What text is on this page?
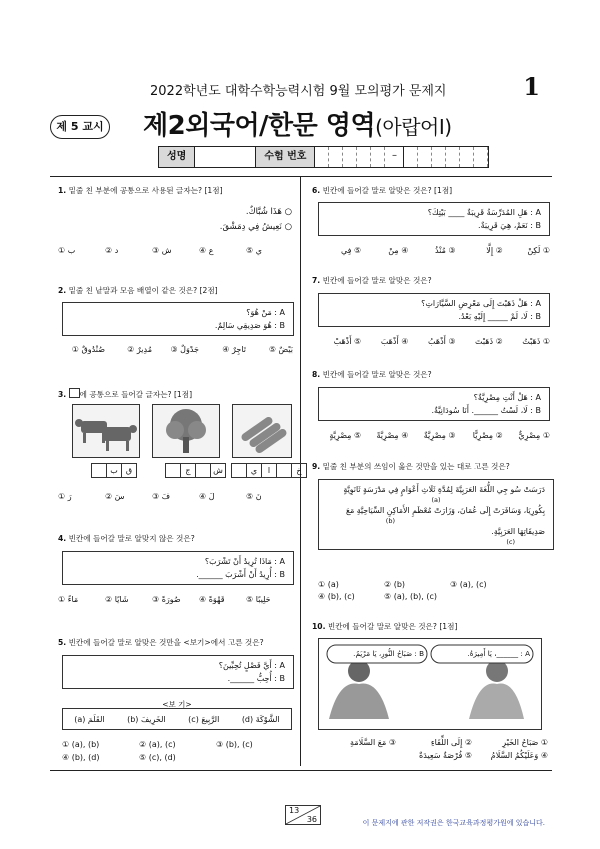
2022학년도 대학수학능력시험 9월 모의평가 문제지	1
제 5 교시 제2외국어/한문 영역(아랍어Ⅰ)
성명	수험 번호	–
1. 밑줄 친 부분에 공통으로 사용된 글자는? [1점]
○ هَذَا شُبَّاكٌ.
○ نَعِيشُ فِي دِمَشْقَ.
① ب	② د	③ ش	④ ع	⑤ ي
2. 밑줄 친 낱말과 모음 배열이 같은 것은? [2점]
A : مَنْ هُوَ؟
B : هُوَ صَدِيقِي سَالِمٌ.
① صُنْدُوقٌ	② مُدِيرٌ	③ جَدْوَلٌ	④ تَاجِرٌ	⑤ بَيْضٌ
3. 에 공통으로 들어갈 글자는? [1점]
ق
ب	ج	ش	ي	ا	خ
① رَ	② سَ	③ فَ	④ لَ	⑤ نَ
4. 빈칸에 들어갈 말로 알맞지 않은 것은?
A : مَاذَا تُرِيدُ أَنْ تَشْرَبَ؟
B : أُرِيدُ أَنْ أَشْرَبَ ______.
① مَاءً	② شَايًا	③ صُورَةً	④ قَهْوَةً	⑤ حَلِيبًا
5. 빈칸에 들어갈 말로 알맞은 것만을 <보기>에서 고른 것은?
A : أَيَّ فَصْلٍ تُحِبِّينَ؟
B : أُحِبُّ ______.
<보 기>
(a) القَلَمَ	(b) الخَرِيفَ	(c) الرَّبِيعَ	(d) الشَّوْكَةَ
① (a), (b)	② (a), (c)	③ (b), (c)
④ (b), (d)	⑤ (c), (d)
6. 빈칸에 들어갈 말로 알맞은 것은? [1점]
A : هَلِ المُدَرِّسَةُ قَرِيبَةٌ ____ بَيْتِكَ؟
B : نَعَمْ، هِيَ قَرِيبَةٌ.
① لَكِنْ
② إِلَّا
③ مُنْذُ
④ مِنْ
⑤ فِي
7. 빈칸에 들어갈 말로 알맞은 것은?
A : هَلْ ذَهَبْتَ إِلَى مَعْرِضِ السَّيَّارَاتِ؟
B : لَا، لَمْ _____ إِلَيْهِ بَعْدُ.
① ذَهَبْتُ
② ذَهَبْتَ
③ أَذْهَبُ
④ أَذْهَبَ
⑤ أَذْهَبْ
8. 빈칸에 들어갈 말로 알맞은 것은?
A : هَلْ أَنْتِ مِصْرِيَّةٌ؟
B : لَا، لَسْتُ ______. أَنَا سُودَانِيَّةٌ.
① مِصْرِيٌّ
② مِصْرِيًّا
③ مِصْرِيَّةٌ
④ مِصْرِيَّةً
⑤ مِصْرِيَّةٍ
9. 밑줄 친 부분의 쓰임이 옳은 것만을 있는 대로 고른 것은?
دَرَسَتْ سُو جِي اللُّغَةَ العَرَبِيَّةَ لِمُدَّةِ ثَلَاثِ أَعْوَامٍ فِي مَدْرَسَةٍ ثَانَوِيَّةٍ
(a)
بِكُورِيَا، وَسَافَرَتْ إِلَى عُمَانَ، وَزَارَتْ مُعْظَمِ الأَمَاكِنِ السِّيَاحِيَّةِ مَعَ
(b)
صَدِيقَاتِهَا العَرَبِيَّةِ.
(c)
① (a)	② (b)	③ (a), (c)
④ (b), (c)	⑤ (a), (b), (c)
10. 빈칸에 들어갈 말로 알맞은 것은? [1점]
B : صَبَاحُ النُّورِ، يَا مَرْيَمُ.	A : ______، يَا أَمِيرَةُ.
① صَبَاحُ الخَيْرِ
② إِلَى اللِّقَاءِ
③ مَعَ السَّلَامَةِ
④ وَعَلَيْكُمُ السَّلَامُ
⑤ فُرْصَةٌ سَعِيدَةٌ
13
36	이 문제지에 관한 저작권은 한국교육과정평가원에 있습니다.
